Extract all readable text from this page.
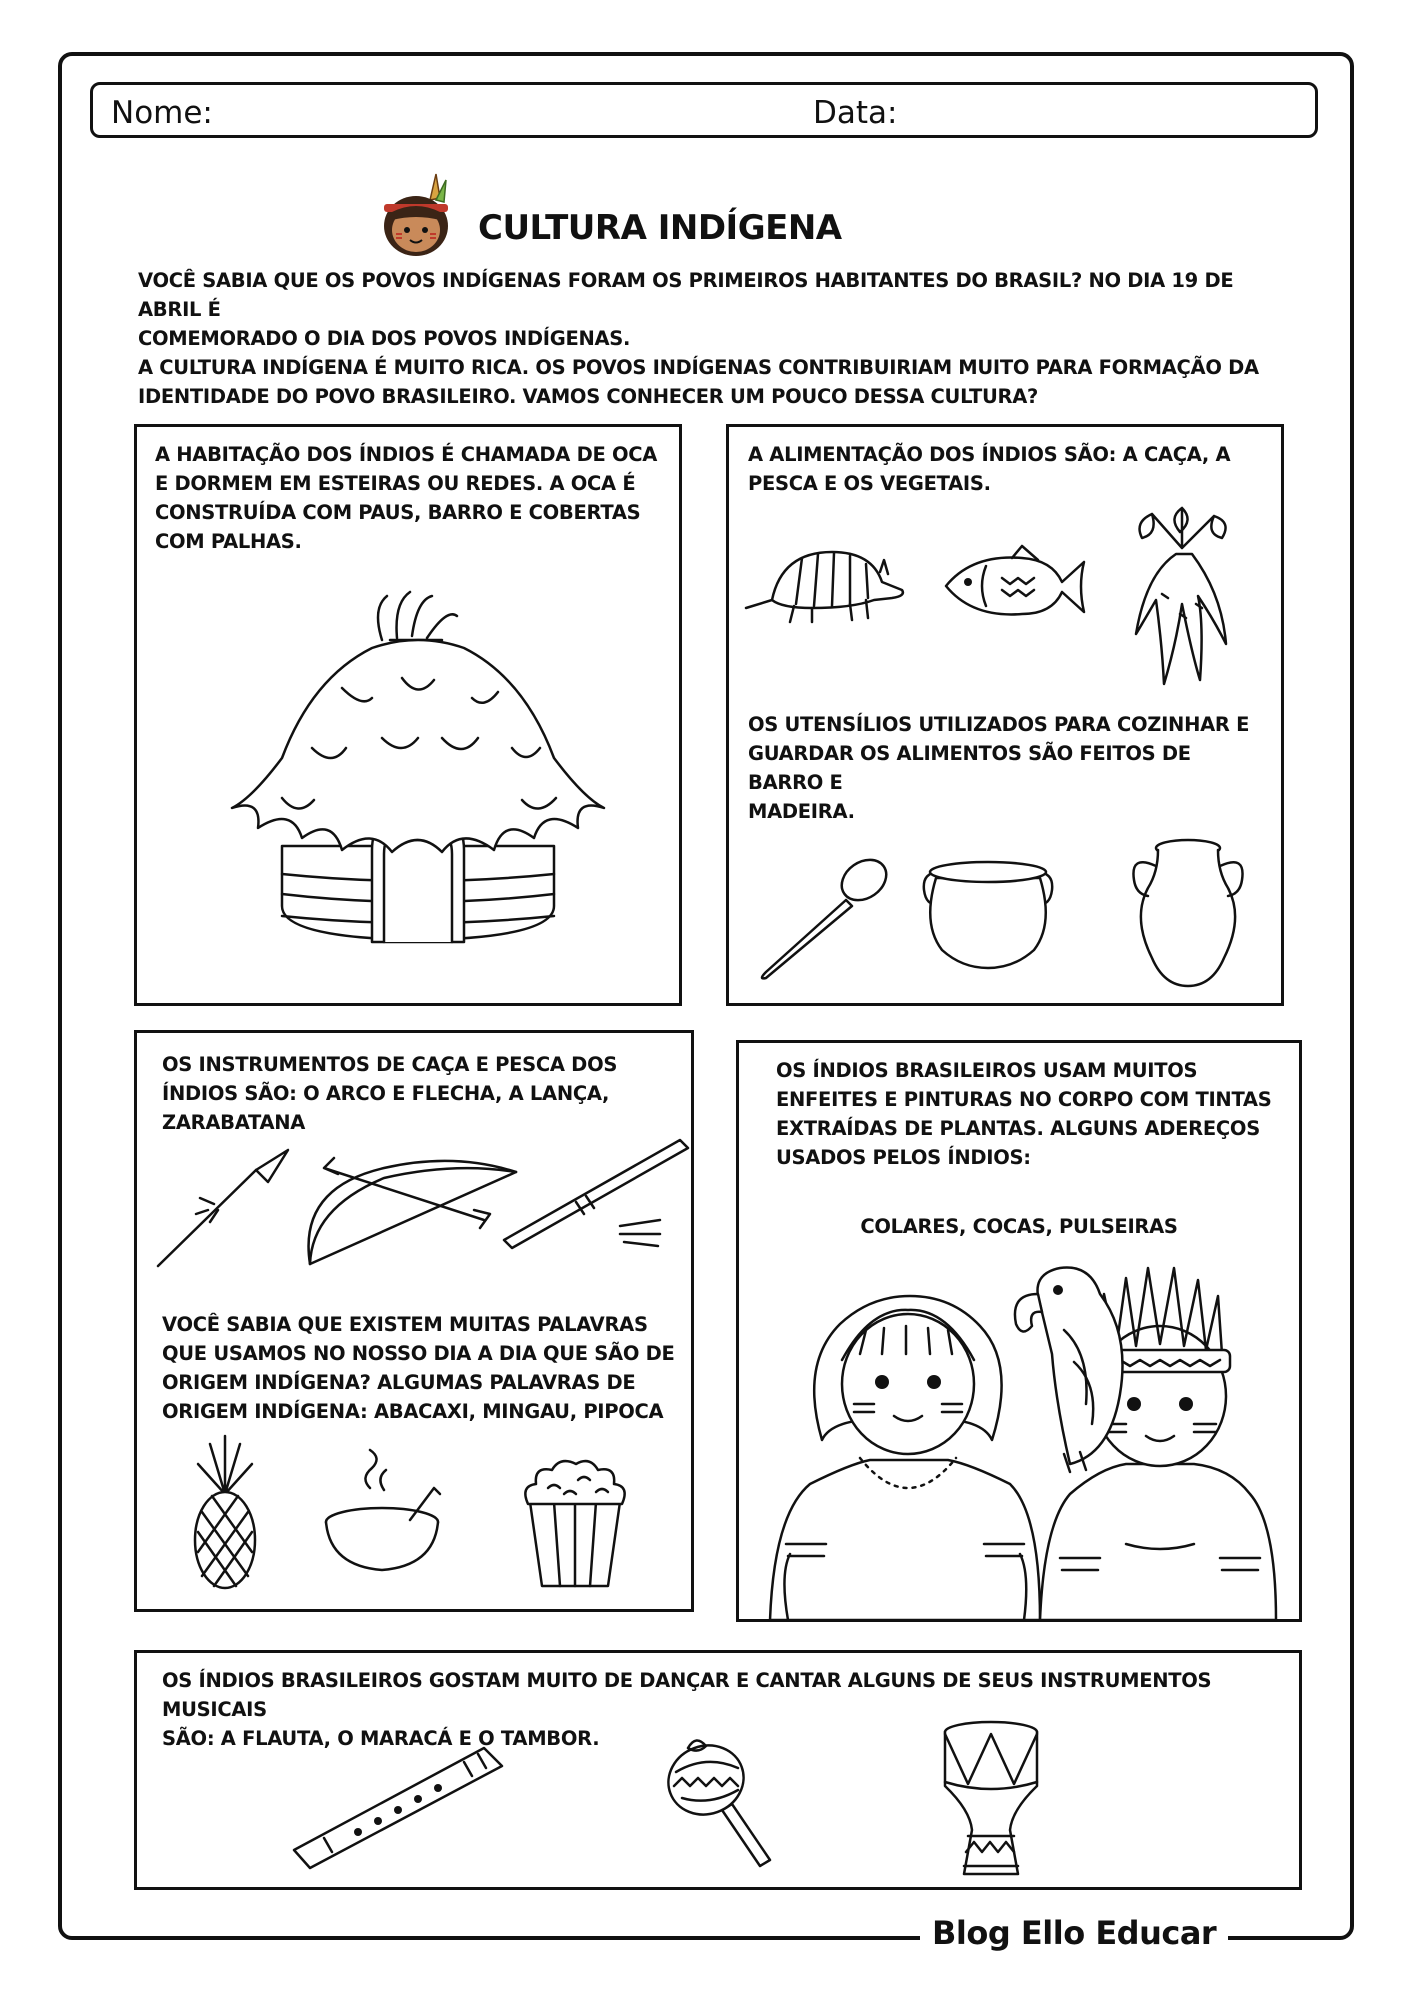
Nome:	Data:
CULTURA INDÍGENA

VOCÊ SABIA QUE OS POVOS INDÍGENAS FORAM OS PRIMEIROS HABITANTES DO BRASIL? NO DIA 19 DE ABRIL É

COMEMORADO O DIA DOS POVOS INDÍGENAS.

A CULTURA INDÍGENA É MUITO RICA. OS POVOS INDÍGENAS CONTRIBUIRIAM MUITO PARA FORMAÇÃO DA

IDENTIDADE DO POVO BRASILEIRO. VAMOS CONHECER UM POUCO DESSA CULTURA?

A HABITAÇÃO DOS ÍNDIOS É CHAMADA DE OCA
E DORMEM EM ESTEIRAS OU REDES. A OCA É
CONSTRUÍDA COM PAUS, BARRO E COBERTAS
COM PALHAS.
A ALIMENTAÇÃO DOS ÍNDIOS SÃO: A CAÇA, A
PESCA E OS VEGETAIS.
OS UTENSÍLIOS UTILIZADOS PARA COZINHAR E
GUARDAR OS ALIMENTOS SÃO FEITOS DE BARRO E
MADEIRA.
OS INSTRUMENTOS DE CAÇA E PESCA DOS
ÍNDIOS SÃO: O ARCO E FLECHA, A LANÇA,
ZARABATANA
VOCÊ SABIA QUE EXISTEM MUITAS PALAVRAS
QUE USAMOS NO NOSSO DIA A DIA QUE SÃO DE
ORIGEM INDÍGENA? ALGUMAS PALAVRAS DE
ORIGEM INDÍGENA: ABACAXI, MINGAU, PIPOCA
OS ÍNDIOS BRASILEIROS USAM MUITOS
ENFEITES E PINTURAS NO CORPO COM TINTAS
EXTRAÍDAS DE PLANTAS. ALGUNS ADEREÇOS
USADOS PELOS ÍNDIOS:
COLARES, COCAS, PULSEIRAS
OS ÍNDIOS BRASILEIROS GOSTAM MUITO DE DANÇAR E CANTAR ALGUNS DE SEUS INSTRUMENTOS MUSICAIS
SÃO: A FLAUTA, O MARACÁ E O TAMBOR.
Blog Ello Educar
